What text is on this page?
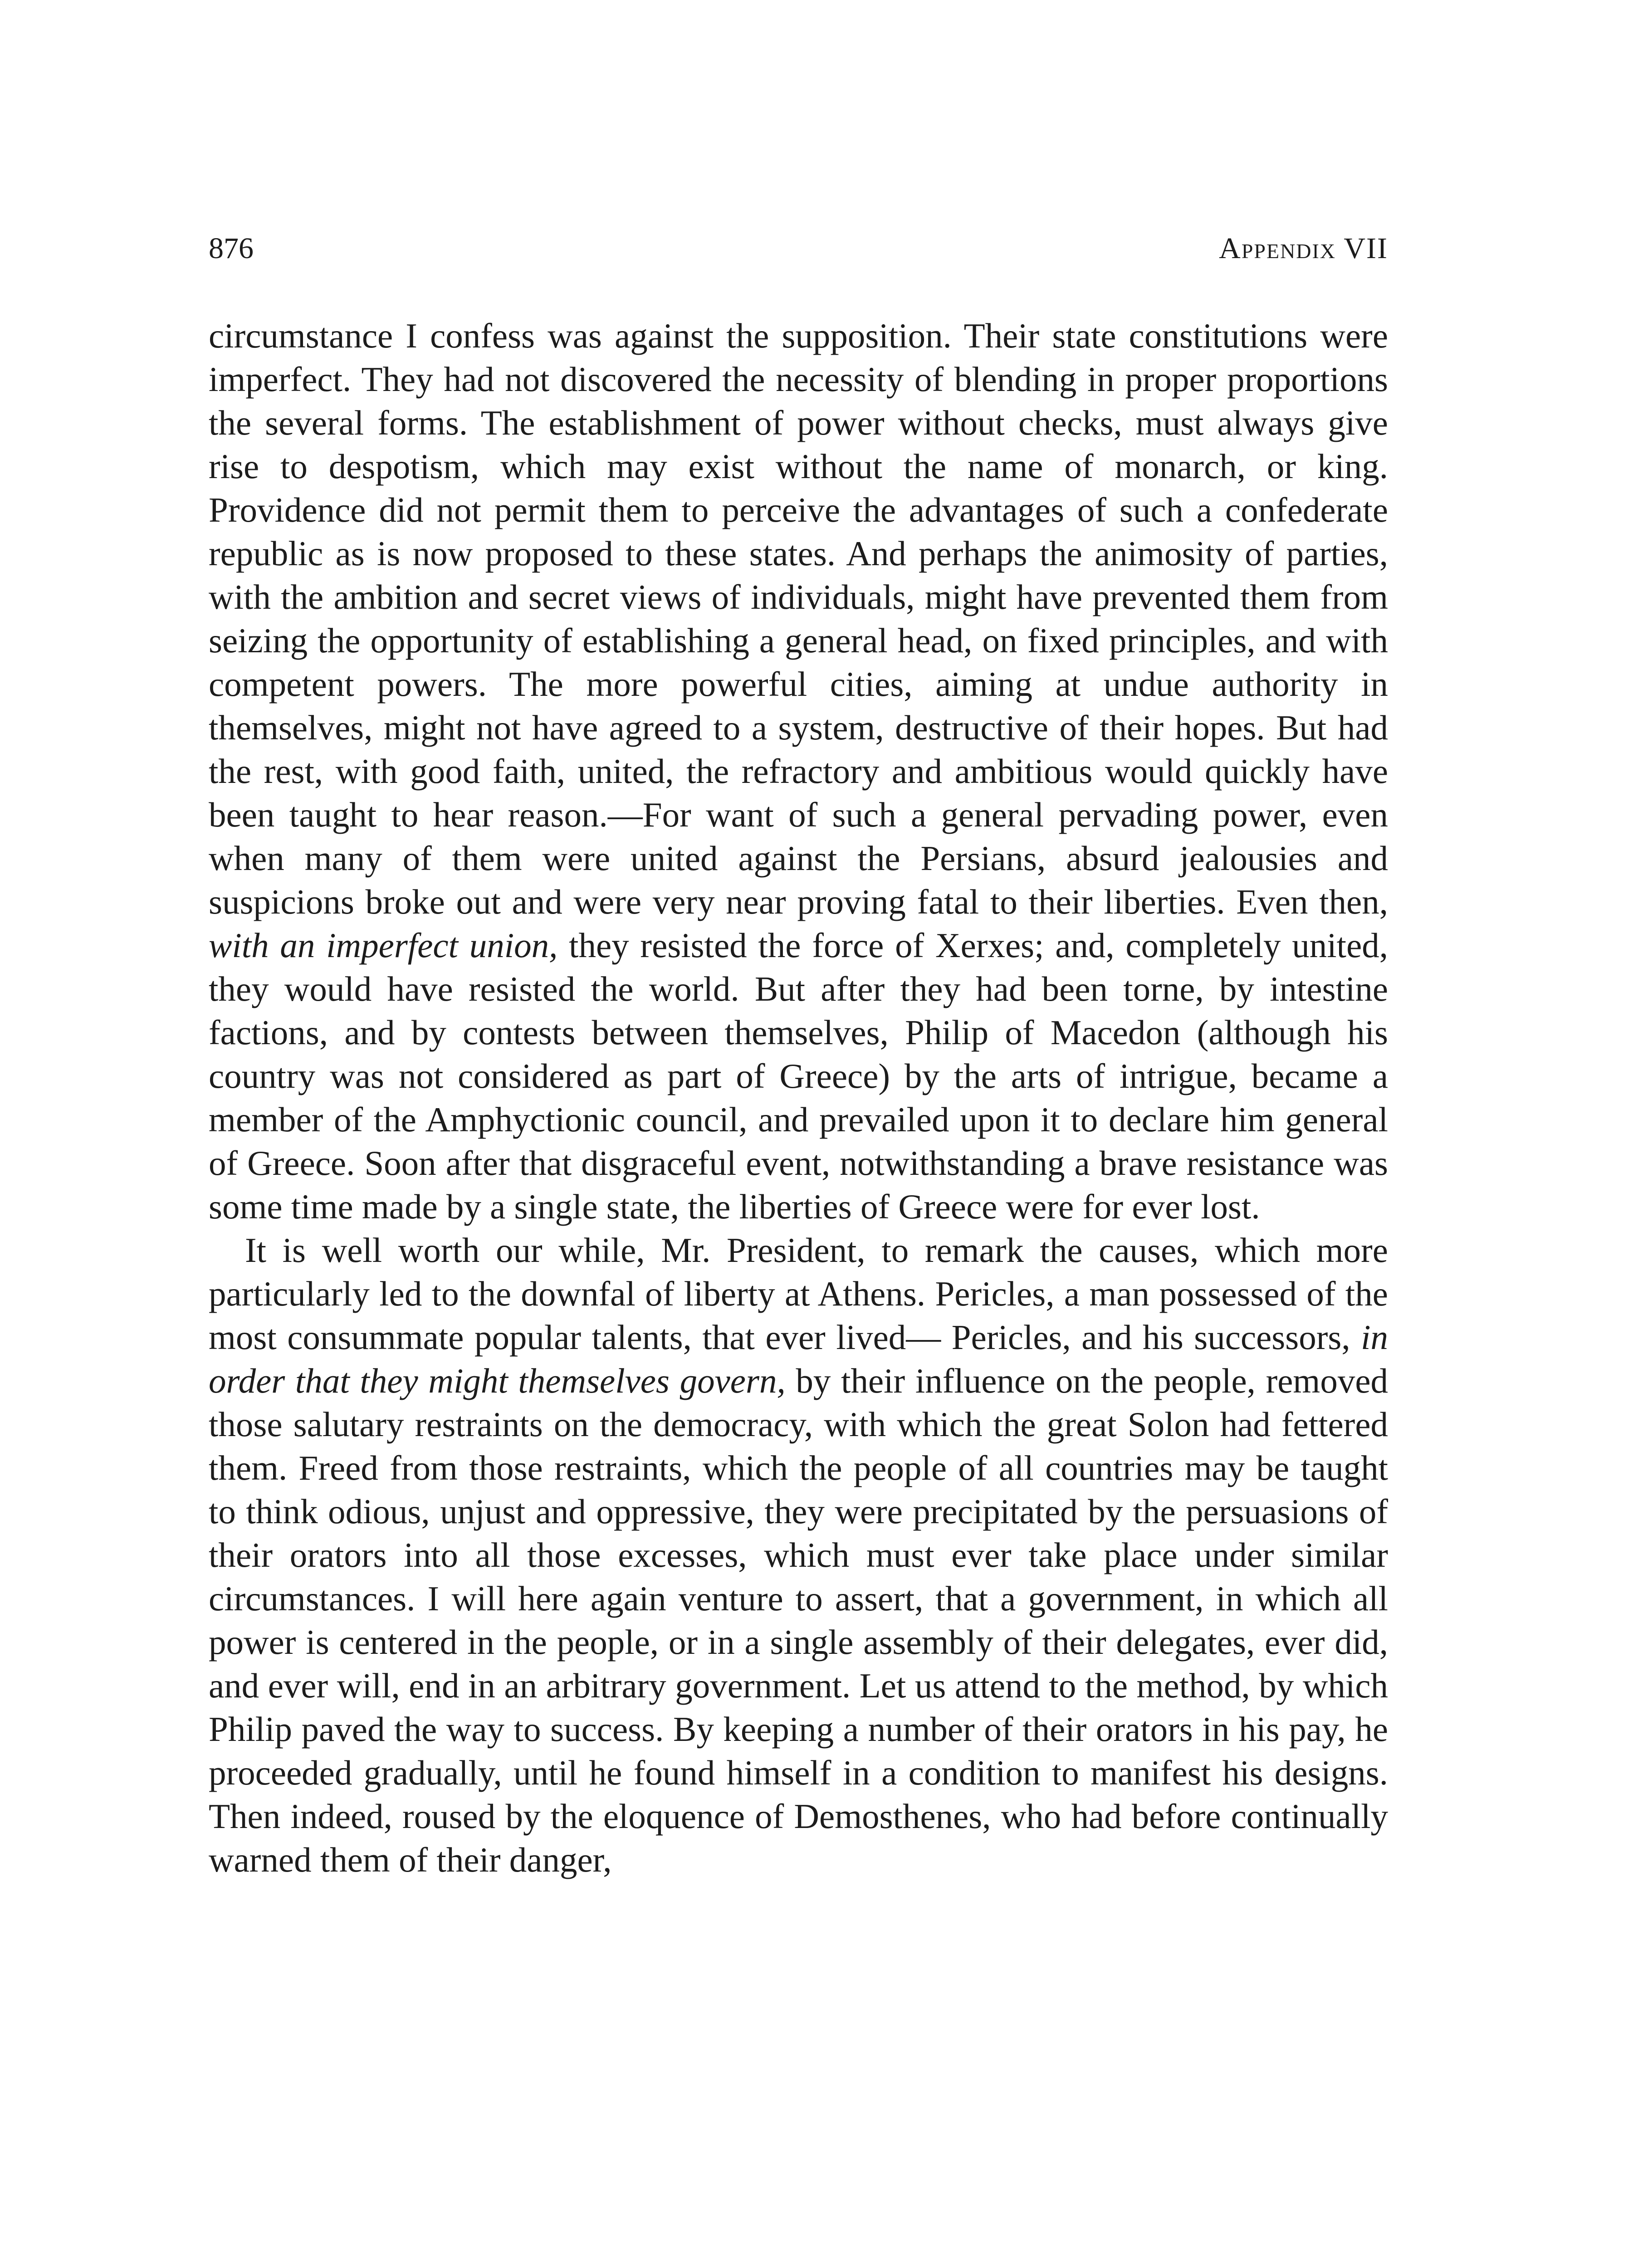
876	Appendix VII

circumstance I confess was against the supposition. Their state constitutions were imperfect. They had not discovered the necessity of blending in proper proportions the several forms. The establishment of power without checks, must always give rise to despotism, which may exist without the name of monarch, or king. Providence did not permit them to perceive the advantages of such a confederate republic as is now proposed to these states. And perhaps the animosity of parties, with the ambition and secret views of individuals, might have prevented them from seizing the opportunity of establishing a general head, on fixed principles, and with competent powers. The more powerful cities, aiming at undue authority in themselves, might not have agreed to a system, destructive of their hopes. But had the rest, with good faith, united, the refractory and ambitious would quickly have been taught to hear reason.—For want of such a general pervading power, even when many of them were united against the Persians, absurd jealousies and suspicions broke out and were very near proving fatal to their liberties. Even then, with an imperfect union, they resisted the force of Xerxes; and, completely united, they would have resisted the world. But after they had been torne, by intestine factions, and by contests between themselves, Philip of Macedon (although his country was not considered as part of Greece) by the arts of intrigue, became a member of the Amphyctionic council, and prevailed upon it to declare him general of Greece. Soon after that disgraceful event, notwithstanding a brave resistance was some time made by a single state, the liberties of Greece were for ever lost.

It is well worth our while, Mr. President, to remark the causes, which more particularly led to the downfal of liberty at Athens. Pericles, a man possessed of the most consummate popular talents, that ever lived— Pericles, and his successors, in order that they might themselves govern, by their influence on the people, removed those salutary restraints on the democracy, with which the great Solon had fettered them. Freed from those restraints, which the people of all countries may be taught to think odious, unjust and oppressive, they were precipitated by the persuasions of their orators into all those excesses, which must ever take place under similar circumstances. I will here again venture to assert, that a government, in which all power is centered in the people, or in a single assembly of their delegates, ever did, and ever will, end in an arbitrary government. Let us attend to the method, by which Philip paved the way to success. By keeping a number of their orators in his pay, he proceeded gradually, until he found himself in a condition to manifest his designs. Then indeed, roused by the eloquence of Demosthenes, who had before continually warned them of their danger,
